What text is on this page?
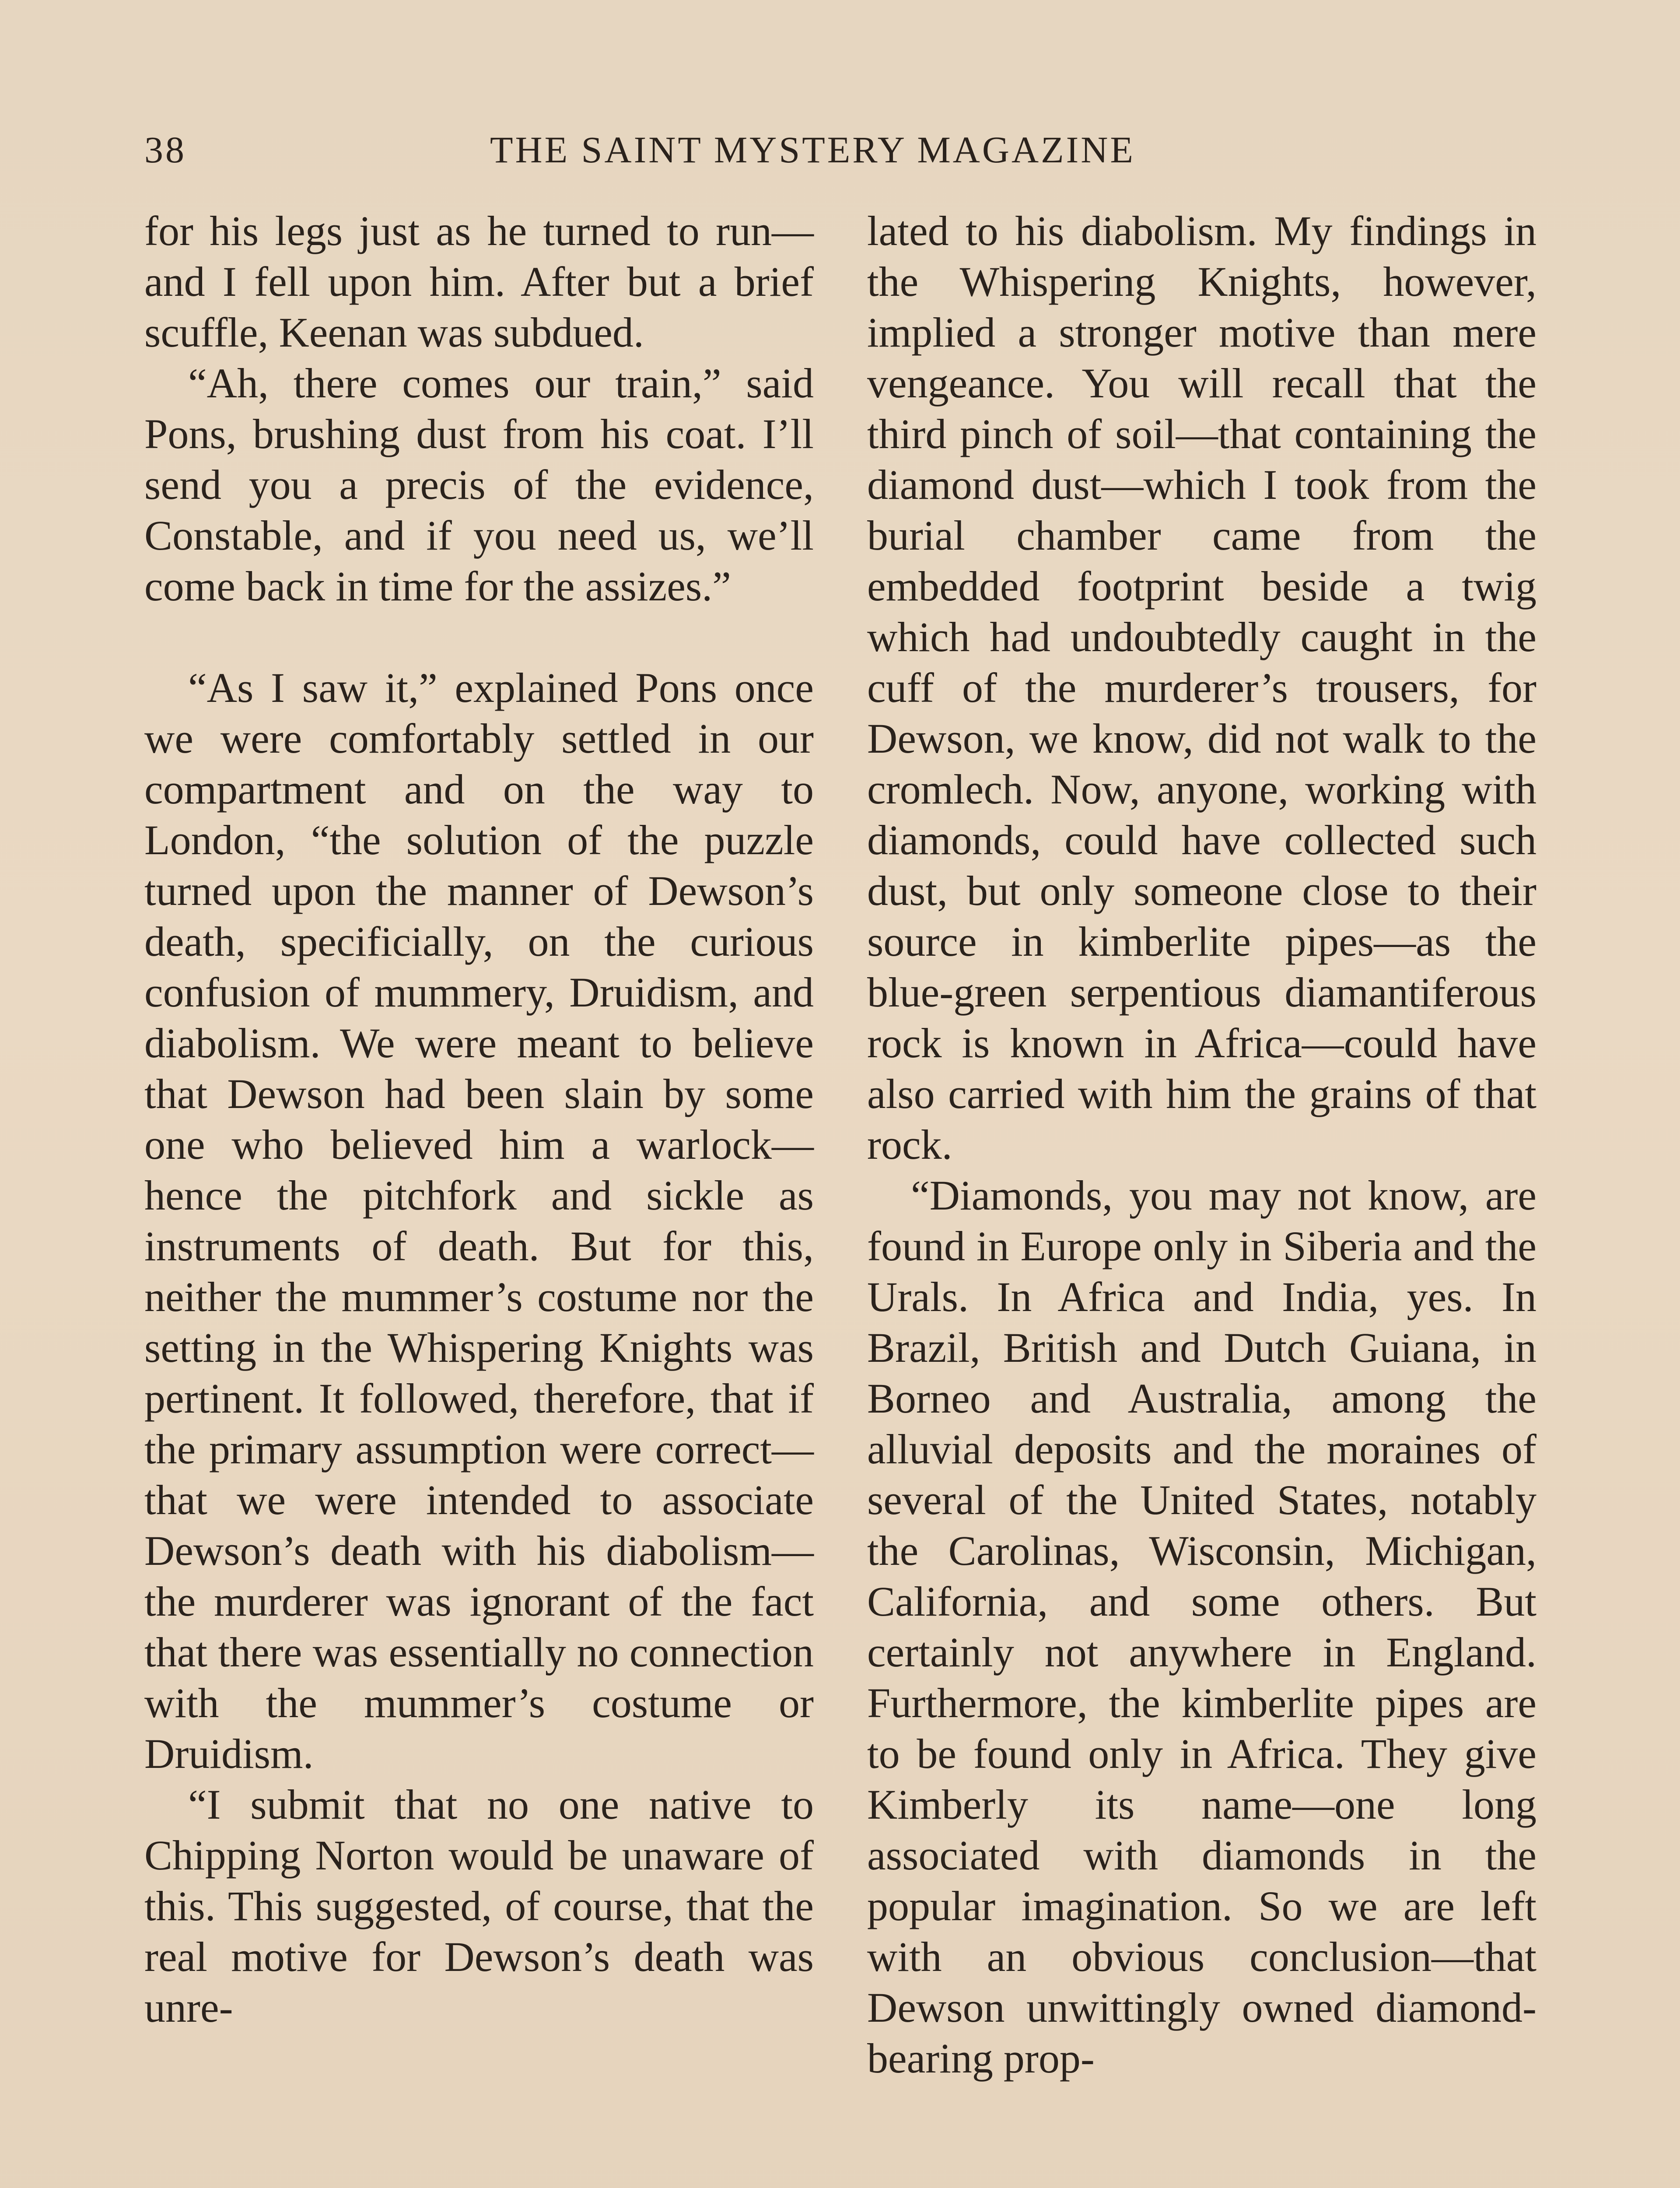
38	THE SAINT MYSTERY MAGAZINE

for his legs just as he turned to run—and I fell upon him. After but a brief scuffle, Keenan was subdued.

“Ah, there comes our train,” said Pons, brushing dust from his coat. I’ll send you a precis of the evidence, Constable, and if you need us, we’ll come back in time for the assizes.”

“As I saw it,” explained Pons once we were comfortably settled in our compartment and on the way to London, “the solution of the puzzle turned upon the manner of Dewson’s death, specificially, on the curious confusion of mummery, Druidism, and diabolism. We were meant to believe that Dewson had been slain by some one who believed him a warlock—hence the pitchfork and sickle as instruments of death. But for this, neither the mummer’s costume nor the setting in the Whispering Knights was pertinent. It followed, therefore, that if the primary assumption were correct—that we were intended to associate Dewson’s death with his diabolism—the murderer was ignorant of the fact that there was essentially no connection with the mummer’s costume or Druidism.

“I submit that no one native to Chipping Norton would be unaware of this. This suggested, of course, that the real motive for Dewson’s death was unre-

lated to his diabolism. My findings in the Whispering Knights, however, implied a stronger motive than mere vengeance. You will recall that the third pinch of soil—that containing the diamond dust—which I took from the burial chamber came from the embedded footprint beside a twig which had undoubtedly caught in the cuff of the murderer’s trousers, for Dewson, we know, did not walk to the cromlech. Now, anyone, working with diamonds, could have collected such dust, but only someone close to their source in kimberlite pipes—as the blue-green serpentious diamantiferous rock is known in Africa—could have also carried with him the grains of that rock.

“Diamonds, you may not know, are found in Europe only in Siberia and the Urals. In Africa and India, yes. In Brazil, British and Dutch Guiana, in Borneo and Australia, among the alluvial deposits and the moraines of several of the United States, notably the Carolinas, Wisconsin, Michigan, California, and some others. But certainly not anywhere in England. Furthermore, the kimberlite pipes are to be found only in Africa. They give Kimberly its name—one long associated with diamonds in the popular imagination. So we are left with an obvious conclusion—that Dewson unwittingly owned diamond-bearing prop-
